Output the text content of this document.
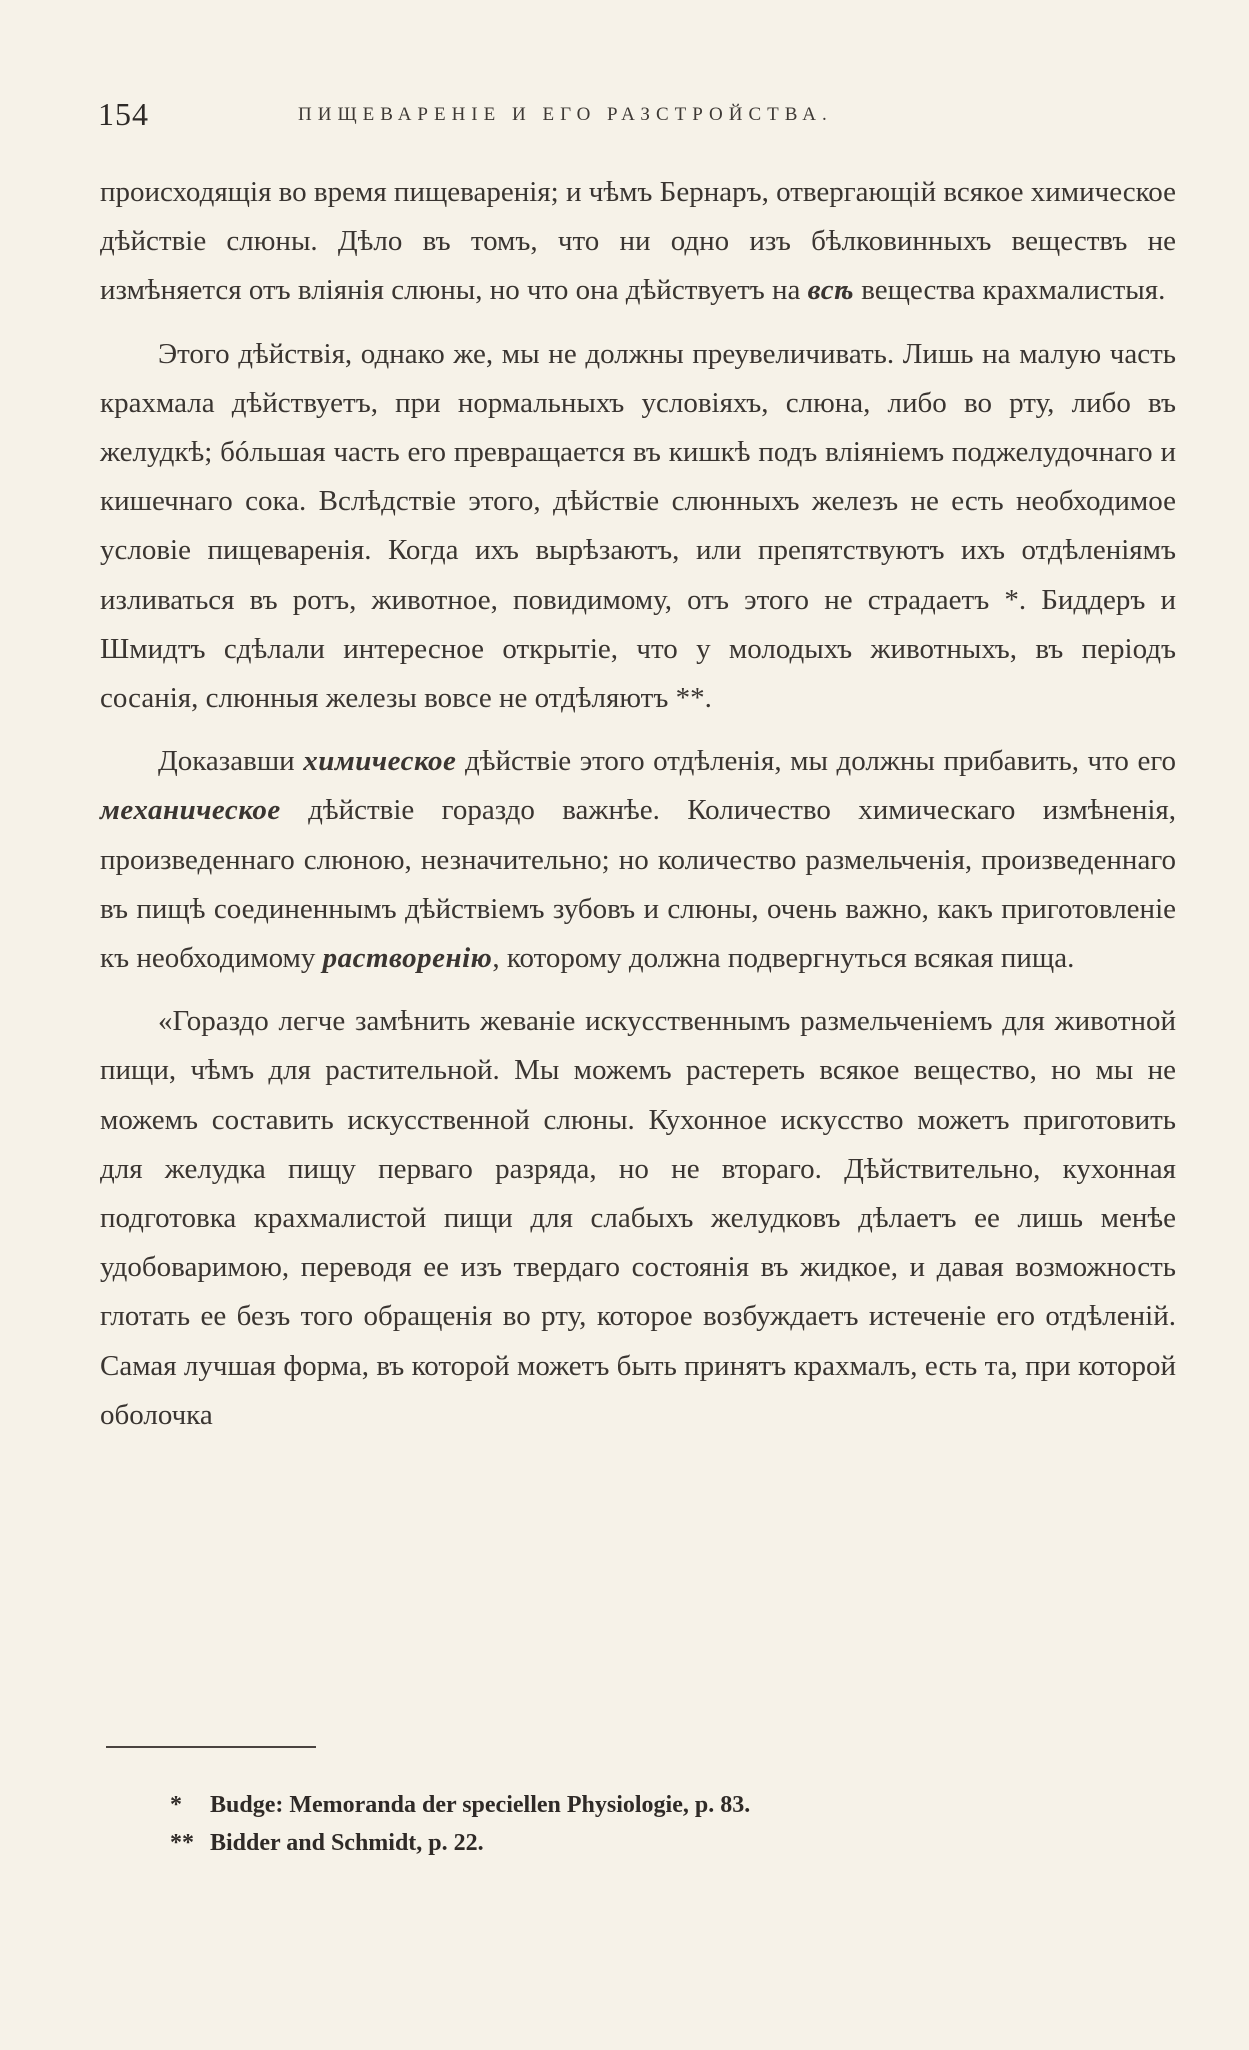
154	ПИЩЕВАРЕНІЕ И ЕГО РАЗСТРОЙСТВА.

происходящія во время пищеваренія; и чѣмъ Бернаръ, отвергающій всякое химическое дѣйствіе слюны. Дѣло въ томъ, что ни одно изъ бѣлковинныхъ веществъ не измѣняется отъ вліянія слюны, но что она дѣйствуетъ на всѣ вещества крахмалистыя.

Этого дѣйствія, однако же, мы не должны преувеличивать. Лишь на малую часть крахмала дѣйствуетъ, при нормальныхъ условіяхъ, слюна, либо во рту, либо въ желудкѣ; бóльшая часть его превращается въ кишкѣ подъ вліяніемъ поджелудочнаго и кишечнаго сока. Вслѣдствіе этого, дѣйствіе слюнныхъ железъ не есть необходимое условіе пищеваренія. Когда ихъ вырѣзаютъ, или препятствуютъ ихъ отдѣленіямъ изливаться въ ротъ, животное, повидимому, отъ этого не страдаетъ *. Биддеръ и Шмидтъ сдѣлали интересное открытіе, что у молодыхъ животныхъ, въ періодъ сосанія, слюнныя железы вовсе не отдѣляютъ **.

Доказавши химическое дѣйствіе этого отдѣленія, мы должны прибавить, что его механическое дѣйствіе гораздо важнѣе. Количество химическаго измѣненія, произведеннаго слюною, незначительно; но количество размельченія, произведеннаго въ пищѣ соединеннымъ дѣйствіемъ зубовъ и слюны, очень важно, какъ приготовленіе къ необходимому растворенію, которому должна подвергнуться всякая пища.

«Гораздо легче замѣнить жеваніе искусственнымъ размельченіемъ для животной пищи, чѣмъ для растительной. Мы можемъ растереть всякое вещество, но мы не можемъ составить искусственной слюны. Кухонное искусство можетъ приготовить для желудка пищу перваго разряда, но не втораго. Дѣйствительно, кухонная подготовка крахмалистой пищи для слабыхъ желудковъ дѣлаетъ ее лишь менѣе удобоваримою, переводя ее изъ твердаго состоянія въ жидкое, и давая возможность глотать ее безъ того обращенія во рту, которое возбуждаетъ истеченіе его отдѣленій. Самая лучшая форма, въ которой можетъ быть принятъ крахмалъ, есть та, при которой оболочка

* Budge: Memoranda der speciellen Physiologie, p. 83.
** Bidder and Schmidt, p. 22.
